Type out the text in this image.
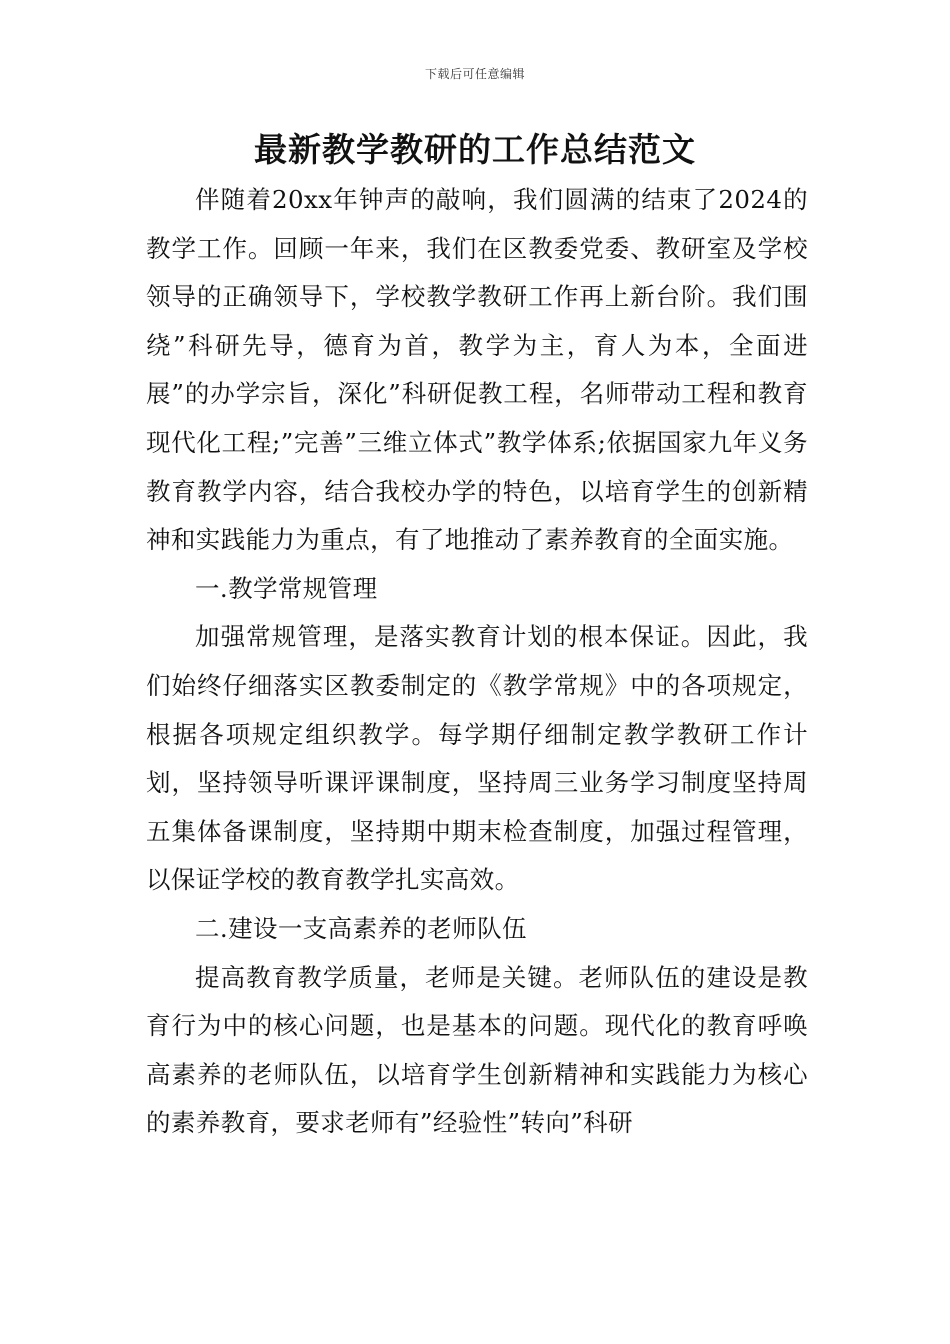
下载后可任意编辑
最新教学教研的工作总结范文

伴随着20xx年钟声的敲响，我们圆满的结束了2024的教学工作。回顾一年来，我们在区教委党委、教研室及学校领导的正确领导下，学校教学教研工作再上新台阶。我们围绕”科研先导，德育为首，教学为主，育人为本，全面进展”的办学宗旨，深化”科研促教工程，名师带动工程和教育现代化工程;”完善”三维立体式”教学体系;依据国家九年义务教育教学内容，结合我校办学的特色，以培育学生的创新精神和实践能力为重点，有了地推动了素养教育的全面实施。

一.教学常规管理

加强常规管理，是落实教育计划的根本保证。因此，我们始终仔细落实区教委制定的《教学常规》中的各项规定，根据各项规定组织教学。每学期仔细制定教学教研工作计划，坚持领导听课评课制度，坚持周三业务学习制度坚持周五集体备课制度，坚持期中期末检查制度，加强过程管理，以保证学校的教育教学扎实高效。

二.建设一支高素养的老师队伍

提高教育教学质量，老师是关键。老师队伍的建设是教育行为中的核心问题，也是基本的问题。现代化的教育呼唤高素养的老师队伍，以培育学生创新精神和实践能力为核心的素养教育，要求老师有”经验性”转向”科研
